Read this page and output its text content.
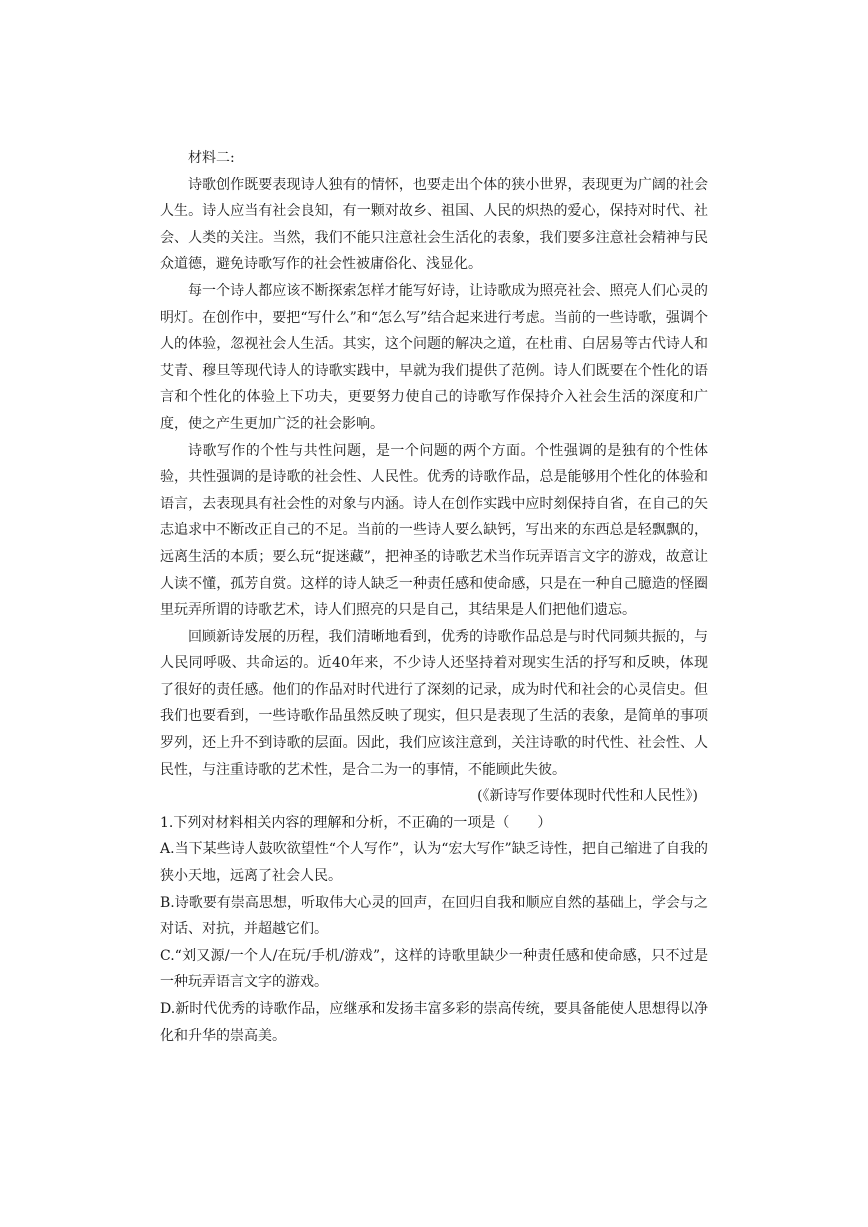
材料二:

诗歌创作既要表现诗人独有的情怀，也要走出个体的狭小世界，表现更为广阔的社会人生。诗人应当有社会良知，有一颗对故乡、祖国、人民的炽热的爱心，保持对时代、社会、人类的关注。当然，我们不能只注意社会生活化的表象，我们要多注意社会精神与民众道德，避免诗歌写作的社会性被庸俗化、浅显化。

每一个诗人都应该不断探索怎样才能写好诗，让诗歌成为照亮社会、照亮人们心灵的明灯。在创作中，要把“写什么”和“怎么写”结合起来进行考虑。当前的一些诗歌，强调个人的体验，忽视社会人生活。其实，这个问题的解决之道，在杜甫、白居易等古代诗人和艾青、穆旦等现代诗人的诗歌实践中，早就为我们提供了范例。诗人们既要在个性化的语言和个性化的体验上下功夫，更要努力使自己的诗歌写作保持介入社会生活的深度和广度，使之产生更加广泛的社会影响。

诗歌写作的个性与共性问题，是一个问题的两个方面。个性强调的是独有的个性体验，共性强调的是诗歌的社会性、人民性。优秀的诗歌作品，总是能够用个性化的体验和语言，去表现具有社会性的对象与内涵。诗人在创作实践中应时刻保持自省，在自己的矢志追求中不断改正自己的不足。当前的一些诗人要么缺钙，写出来的东西总是轻飘飘的，远离生活的本质；要么玩“捉迷藏”，把神圣的诗歌艺术当作玩弄语言文字的游戏，故意让人读不懂，孤芳自赏。这样的诗人缺乏一种责任感和使命感，只是在一种自己臆造的怪圈里玩弄所谓的诗歌艺术，诗人们照亮的只是自己，其结果是人们把他们遗忘。

回顾新诗发展的历程，我们清晰地看到，优秀的诗歌作品总是与时代同频共振的，与人民同呼吸、共命运的。近40年来，不少诗人还坚持着对现实生活的抒写和反映，体现了很好的责任感。他们的作品对时代进行了深刻的记录，成为时代和社会的心灵信史。但我们也要看到，一些诗歌作品虽然反映了现实，但只是表现了生活的表象，是简单的事项罗列，还上升不到诗歌的层面。因此，我们应该注意到，关注诗歌的时代性、社会性、人民性，与注重诗歌的艺术性，是合二为一的事情，不能顾此失彼。

(《新诗写作要体现时代性和人民性》)

1.下列对材料相关内容的理解和分析，不正确的一项是（　　）

A.当下某些诗人鼓吹欲望性“个人写作”，认为“宏大写作”缺乏诗性，把自己缩进了自我的狭小天地，远离了社会人民。

B.诗歌要有崇高思想，听取伟大心灵的回声，在回归自我和顺应自然的基础上，学会与之对话、对抗，并超越它们。

C.“刘又源/一个人/在玩/手机/游戏”，这样的诗歌里缺少一种责任感和使命感，只不过是一种玩弄语言文字的游戏。

D.新时代优秀的诗歌作品，应继承和发扬丰富多彩的崇高传统，要具备能使人思想得以净化和升华的崇高美。
